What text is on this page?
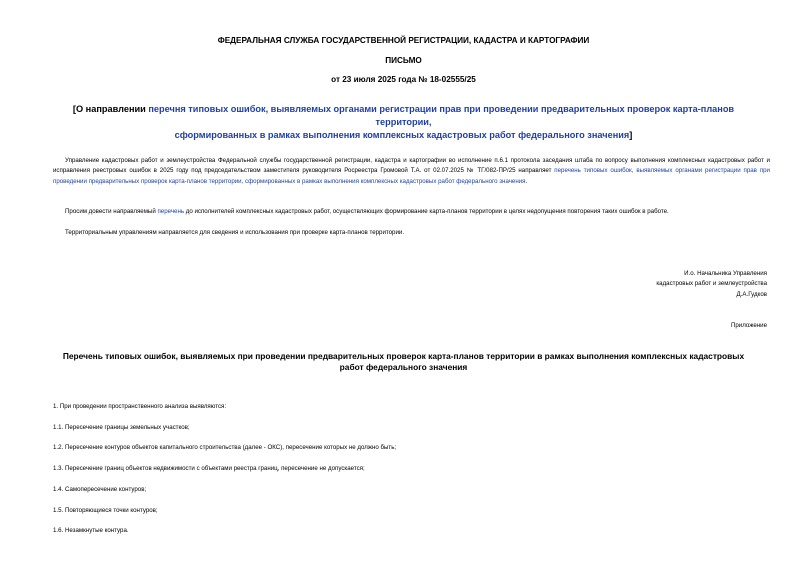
ФЕДЕРАЛЬНАЯ СЛУЖБА ГОСУДАРСТВЕННОЙ РЕГИСТРАЦИИ, КАДАСТРА И КАРТОГРАФИИ
ПИСЬМО
от 23 июля 2025 года № 18-02555/25
[О направлении перечня типовых ошибок, выявляемых органами регистрации прав при проведении предварительных проверок карта-планов территории,
сформированных в рамках выполнения комплексных кадастровых работ федерального значения]
Управление кадастровых работ и землеустройства Федеральной службы государственной регистрации, кадастра и картографии во исполнение п.6.1 протокола заседания штаба по вопросу выполнения комплексных кадастровых работ и исправления реестровых ошибок в 2025 году под председательством заместителя руководителя Росреестра Громовой Т.А. от 02.07.2025 № ТГ/082-ПР/25 направляет перечень типовых ошибок, выявляемых органами регистрации прав при проведении предварительных проверок карта-планов территории, сформированных в рамках выполнения комплексных кадастровых работ федерального значения.
Просим довести направляемый перечень до исполнителей комплексных кадастровых работ, осуществляющих формирование карта-планов территории в целях недопущения повторения таких ошибок в работе.
Территориальным управлениям направляется для сведения и использования при проверке карта-планов территории.
И.о. Начальника Управления
кадастровых работ и землеустройства
Д.А.Гудков
Приложение
Перечень типовых ошибок, выявляемых при проведении предварительных проверок карта-планов территории в рамках выполнения комплексных кадастровых
работ федерального значения
1. При проведении пространственного анализа выявляются:
1.1. Пересечение границы земельных участков;
1.2. Пересечение контуров объектов капитального строительства (далее - ОКС), пересечение которых не должно быть;
1.3. Пересечение границ объектов недвижимости с объектами реестра границ, пересечение не допускается;
1.4. Самопересечение контуров;
1.5. Повторяющиеся точки контуров;
1.6. Незамкнутые контура.
